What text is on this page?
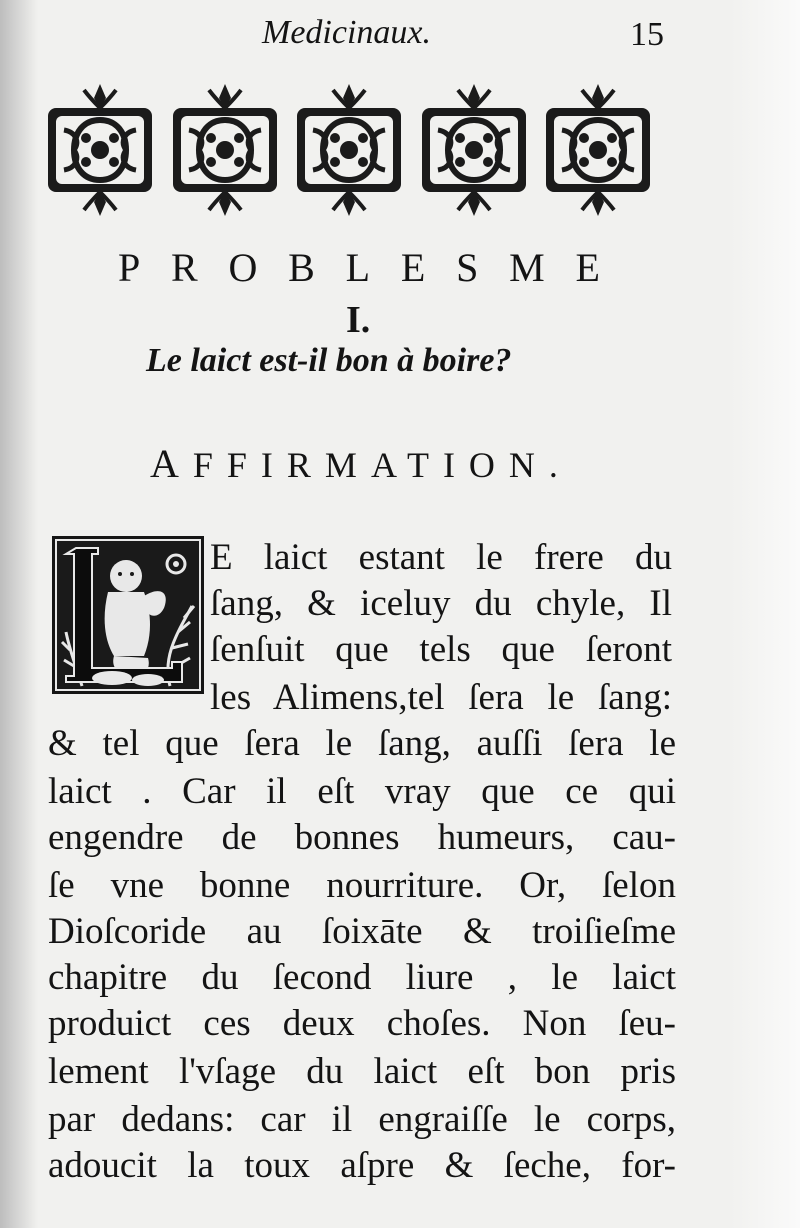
Medicinaux.	15
P R O B L E S M E
I.
Le laict est-il bon à boire?
AFFIRMATION.
E laict estant le frere du
ſang, & iceluy du chyle, Il
ſenſuit que tels que ſeront
les Alimens,tel ſera le ſang:
& tel que ſera le ſang, auſſi ſera le
laict . Car il eſt vray que ce qui
engendre de bonnes humeurs, cau-
ſe vne bonne nourriture. Or, ſelon
Dioſcoride au ſoixāte & troiſieſme
chapitre du ſecond liure , le laict
produict ces deux choſes. Non ſeu-
lement l'vſage du laict eſt bon pris
par dedans: car il engraiſſe le corps,
adoucit la toux aſpre & ſeche, for-
